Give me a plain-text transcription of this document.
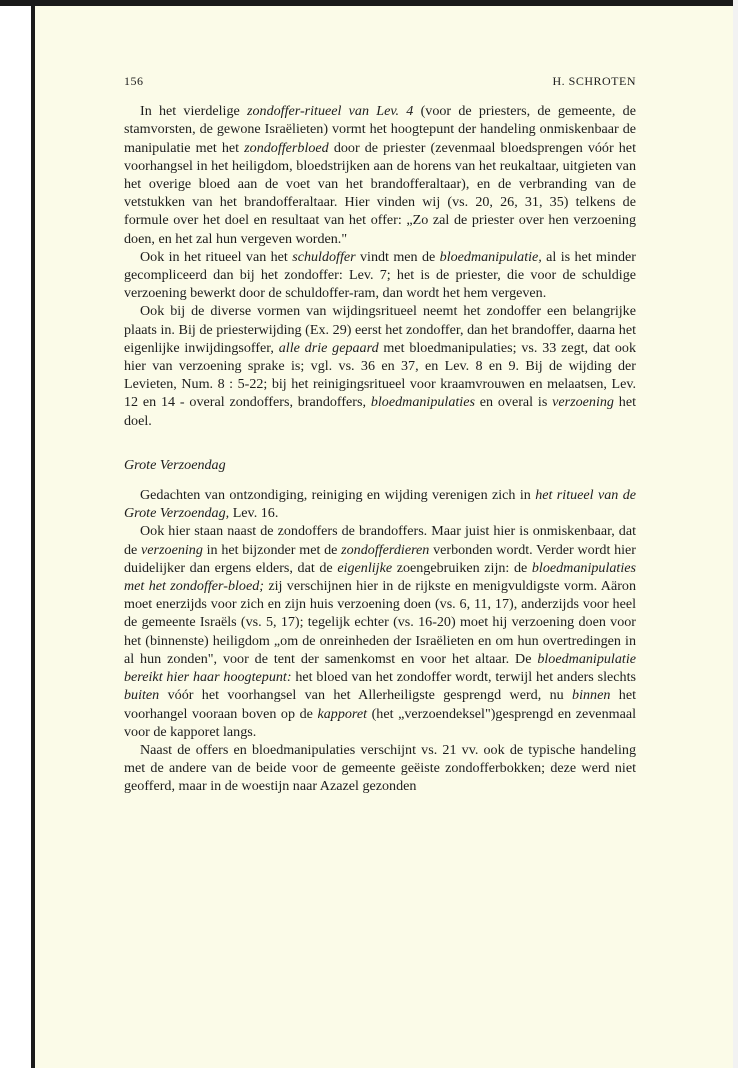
156	H. SCHROTEN

In het vierdelige zondoffer-ritueel van Lev. 4 (voor de priesters, de gemeente, de stamvorsten, de gewone Israëlieten) vormt het hoogtepunt der handeling onmiskenbaar de manipulatie met het zondofferbloed door de priester (zevenmaal bloedsprengen vóór het voorhangsel in het heiligdom, bloedstrijken aan de horens van het reukaltaar, uitgieten van het overige bloed aan de voet van het brandofferaltaar), en de verbranding van de vetstukken van het brandofferaltaar. Hier vinden wij (vs. 20, 26, 31, 35) telkens de formule over het doel en resultaat van het offer: „Zo zal de priester over hen verzoening doen, en het zal hun vergeven worden."

Ook in het ritueel van het schuldoffer vindt men de bloedmanipulatie, al is het minder gecompliceerd dan bij het zondoffer: Lev. 7; het is de priester, die voor de schuldige verzoening bewerkt door de schuldoffer-ram, dan wordt het hem vergeven.

Ook bij de diverse vormen van wijdingsritueel neemt het zondoffer een belangrijke plaats in. Bij de priesterwijding (Ex. 29) eerst het zondoffer, dan het brandoffer, daarna het eigenlijke inwijdingsoffer, alle drie gepaard met bloedmanipulaties; vs. 33 zegt, dat ook hier van verzoening sprake is; vgl. vs. 36 en 37, en Lev. 8 en 9. Bij de wijding der Levieten, Num. 8 : 5-22; bij het reinigingsritueel voor kraamvrouwen en melaatsen, Lev. 12 en 14 - overal zondoffers, brandoffers, bloedmanipulaties en overal is verzoening het doel.

Grote Verzoendag

Gedachten van ontzondiging, reiniging en wijding verenigen zich in het ritueel van de Grote Verzoendag, Lev. 16.

Ook hier staan naast de zondoffers de brandoffers. Maar juist hier is onmiskenbaar, dat de verzoening in het bijzonder met de zondofferdieren verbonden wordt. Verder wordt hier duidelijker dan ergens elders, dat de eigenlijke zoengebruiken zijn: de bloedmanipulaties met het zondoffer-bloed; zij verschijnen hier in de rijkste en menigvuldigste vorm. Aäron moet enerzijds voor zich en zijn huis verzoening doen (vs. 6, 11, 17), anderzijds voor heel de gemeente Israëls (vs. 5, 17); tegelijk echter (vs. 16-20) moet hij verzoening doen voor het (binnenste) heiligdom „om de onreinheden der Israëlieten en om hun overtredingen in al hun zonden", voor de tent der samenkomst en voor het altaar. De bloedmanipulatie bereikt hier haar hoogtepunt: het bloed van het zondoffer wordt, terwijl het anders slechts buiten vóór het voorhangsel van het Allerheiligste gesprengd werd, nu binnen het voorhangel vooraan boven op de kapporet (het „verzoendeksel")gesprengd en zevenmaal voor de kapporet langs.

Naast de offers en bloedmanipulaties verschijnt vs. 21 vv. ook de typische handeling met de andere van de beide voor de gemeente geëiste zondofferbokken; deze werd niet geofferd, maar in de woestijn naar Azazel gezonden
